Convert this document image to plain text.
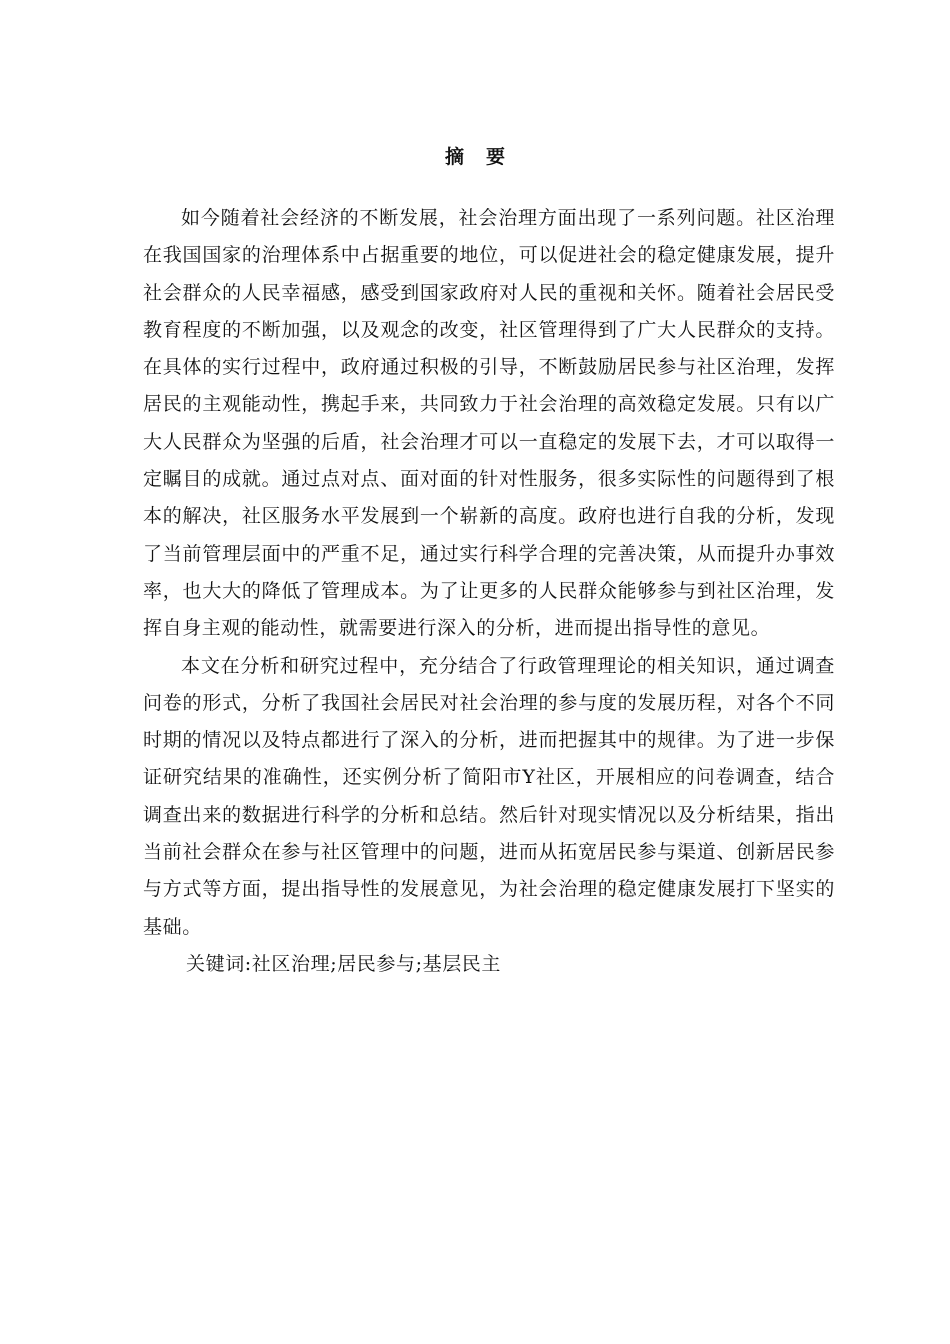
摘要

如今随着社会经济的不断发展，社会治理方面出现了一系列问题。社区治理在我国国家的治理体系中占据重要的地位，可以促进社会的稳定健康发展，提升社会群众的人民幸福感，感受到国家政府对人民的重视和关怀。随着社会居民受教育程度的不断加强，以及观念的改变，社区管理得到了广大人民群众的支持。在具体的实行过程中，政府通过积极的引导，不断鼓励居民参与社区治理，发挥居民的主观能动性，携起手来，共同致力于社会治理的高效稳定发展。只有以广大人民群众为坚强的后盾，社会治理才可以一直稳定的发展下去，才可以取得一定瞩目的成就。通过点对点、面对面的针对性服务，很多实际性的问题得到了根本的解决，社区服务水平发展到一个崭新的高度。政府也进行自我的分析，发现了当前管理层面中的严重不足，通过实行科学合理的完善决策，从而提升办事效率，也大大的降低了管理成本。为了让更多的人民群众能够参与到社区治理，发挥自身主观的能动性，就需要进行深入的分析，进而提出指导性的意见。

本文在分析和研究过程中，充分结合了行政管理理论的相关知识，通过调查问卷的形式，分析了我国社会居民对社会治理的参与度的发展历程，对各个不同时期的情况以及特点都进行了深入的分析，进而把握其中的规律。为了进一步保证研究结果的准确性，还实例分析了简阳市Y社区，开展相应的问卷调查，结合调查出来的数据进行科学的分析和总结。然后针对现实情况以及分析结果，指出当前社会群众在参与社区管理中的问题，进而从拓宽居民参与渠道、创新居民参与方式等方面，提出指导性的发展意见，为社会治理的稳定健康发展打下坚实的基础。

关键词:社区治理;居民参与;基层民主
